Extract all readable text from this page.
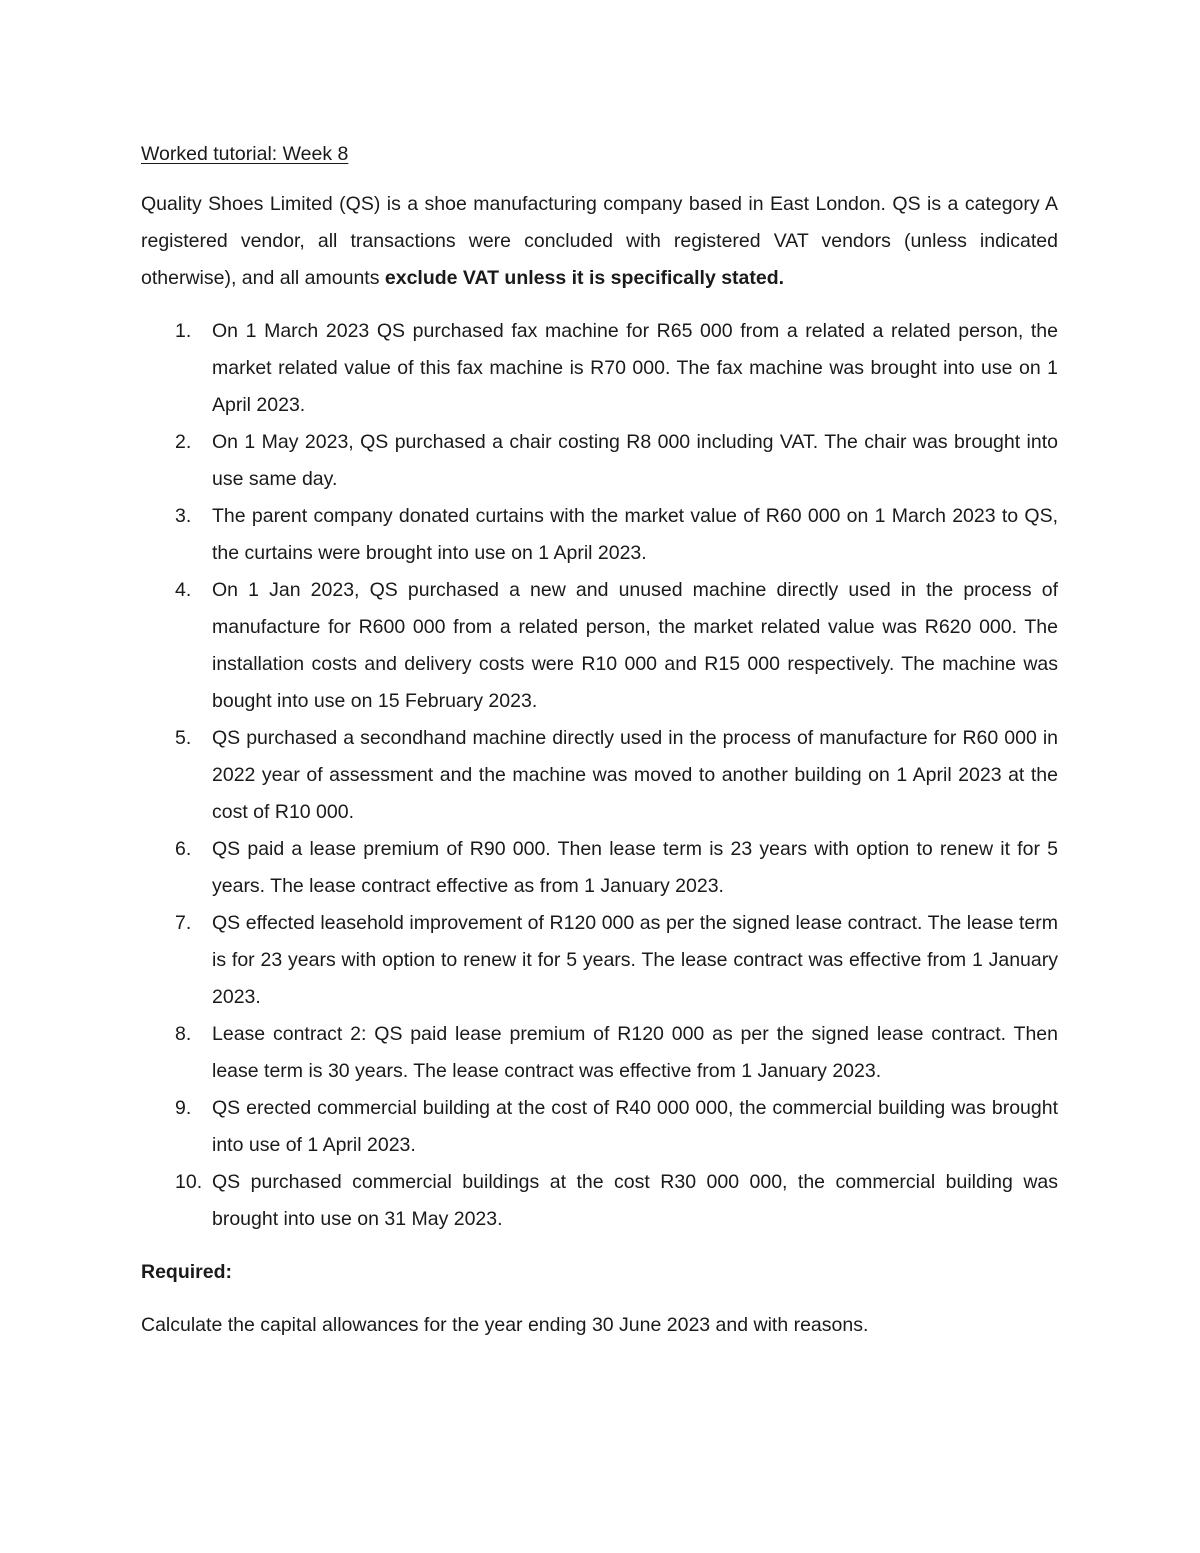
Worked tutorial: Week 8

Quality Shoes Limited (QS) is a shoe manufacturing company based in East London. QS is a category A registered vendor, all transactions were concluded with registered VAT vendors (unless indicated otherwise), and all amounts exclude VAT unless it is specifically stated.

1. On 1 March 2023 QS purchased fax machine for R65 000 from a related a related person, the market related value of this fax machine is R70 000. The fax machine was brought into use on 1 April 2023.
2. On 1 May 2023, QS purchased a chair costing R8 000 including VAT. The chair was brought into use same day.
3. The parent company donated curtains with the market value of R60 000 on 1 March 2023 to QS, the curtains were brought into use on 1 April 2023.
4. On 1 Jan 2023, QS purchased a new and unused machine directly used in the process of manufacture for R600 000 from a related person, the market related value was R620 000. The installation costs and delivery costs were R10 000 and R15 000 respectively. The machine was bought into use on 15 February 2023.
5. QS purchased a secondhand machine directly used in the process of manufacture for R60 000 in 2022 year of assessment and the machine was moved to another building on 1 April 2023 at the cost of R10 000.
6. QS paid a lease premium of R90 000. Then lease term is 23 years with option to renew it for 5 years. The lease contract effective as from 1 January 2023.
7. QS effected leasehold improvement of R120 000 as per the signed lease contract. The lease term is for 23 years with option to renew it for 5 years. The lease contract was effective from 1 January 2023.
8. Lease contract 2: QS paid lease premium of R120 000 as per the signed lease contract. Then lease term is 30 years. The lease contract was effective from 1 January 2023.
9. QS erected commercial building at the cost of R40 000 000, the commercial building was brought into use of 1 April 2023.
10. QS purchased commercial buildings at the cost R30 000 000, the commercial building was brought into use on 31 May 2023.

Required:

Calculate the capital allowances for the year ending 30 June 2023 and with reasons.
